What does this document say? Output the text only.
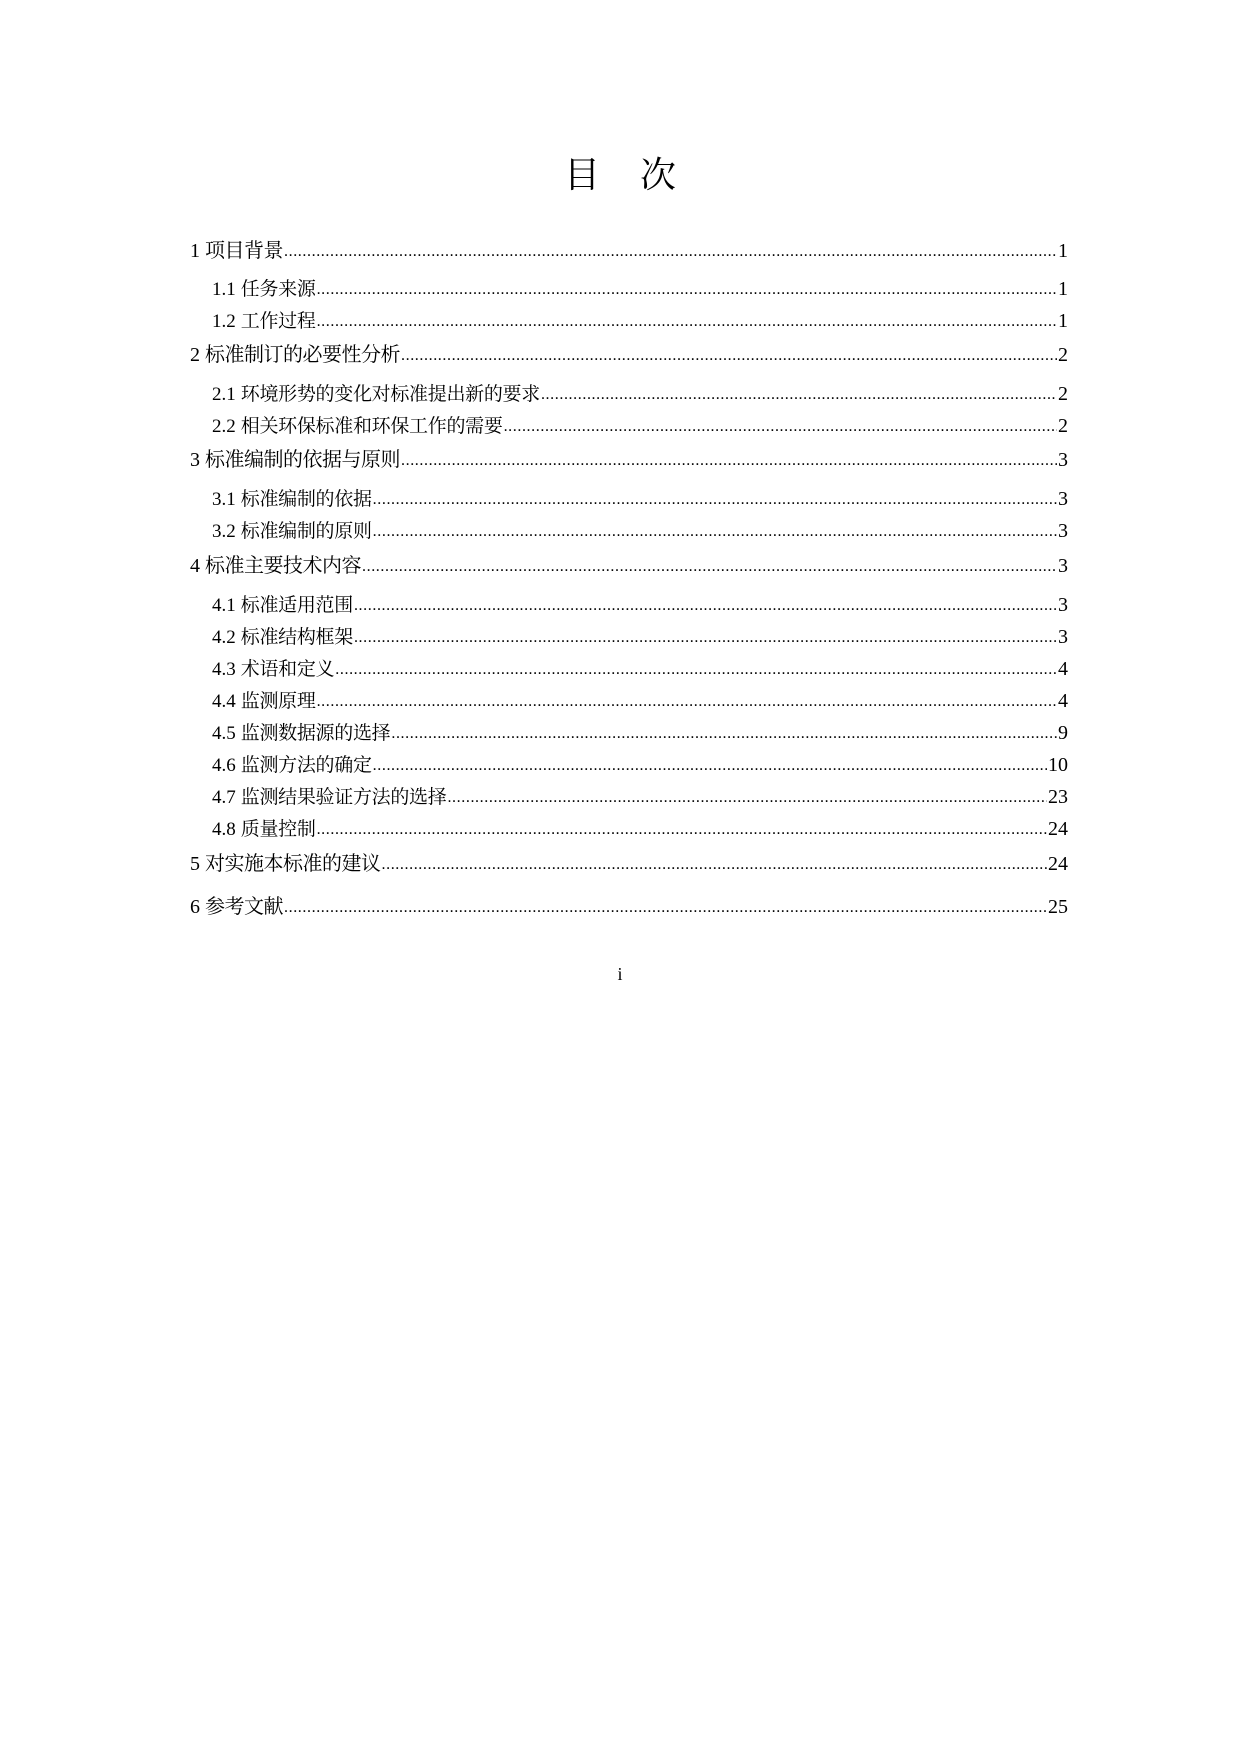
目 次
1 项目背景 .....	1
1.1 任务来源 .....	1
1.2 工作过程 .....	1
2 标准制订的必要性分析 .....	2
2.1 环境形势的变化对标准提出新的要求 .....	2
2.2 相关环保标准和环保工作的需要 .....	2
3 标准编制的依据与原则 .....	3
3.1 标准编制的依据 .....	3
3.2 标准编制的原则 .....	3
4 标准主要技术内容 .....	3
4.1 标准适用范围 .....	3
4.2 标准结构框架 .....	3
4.3 术语和定义 .....	4
4.4 监测原理 .....	4
4.5 监测数据源的选择 .....	9
4.6 监测方法的确定 .....	10
4.7 监测结果验证方法的选择 .....	23
4.8 质量控制 .....	24
5 对实施本标准的建议 .....	24
6 参考文献 .....	25
i
